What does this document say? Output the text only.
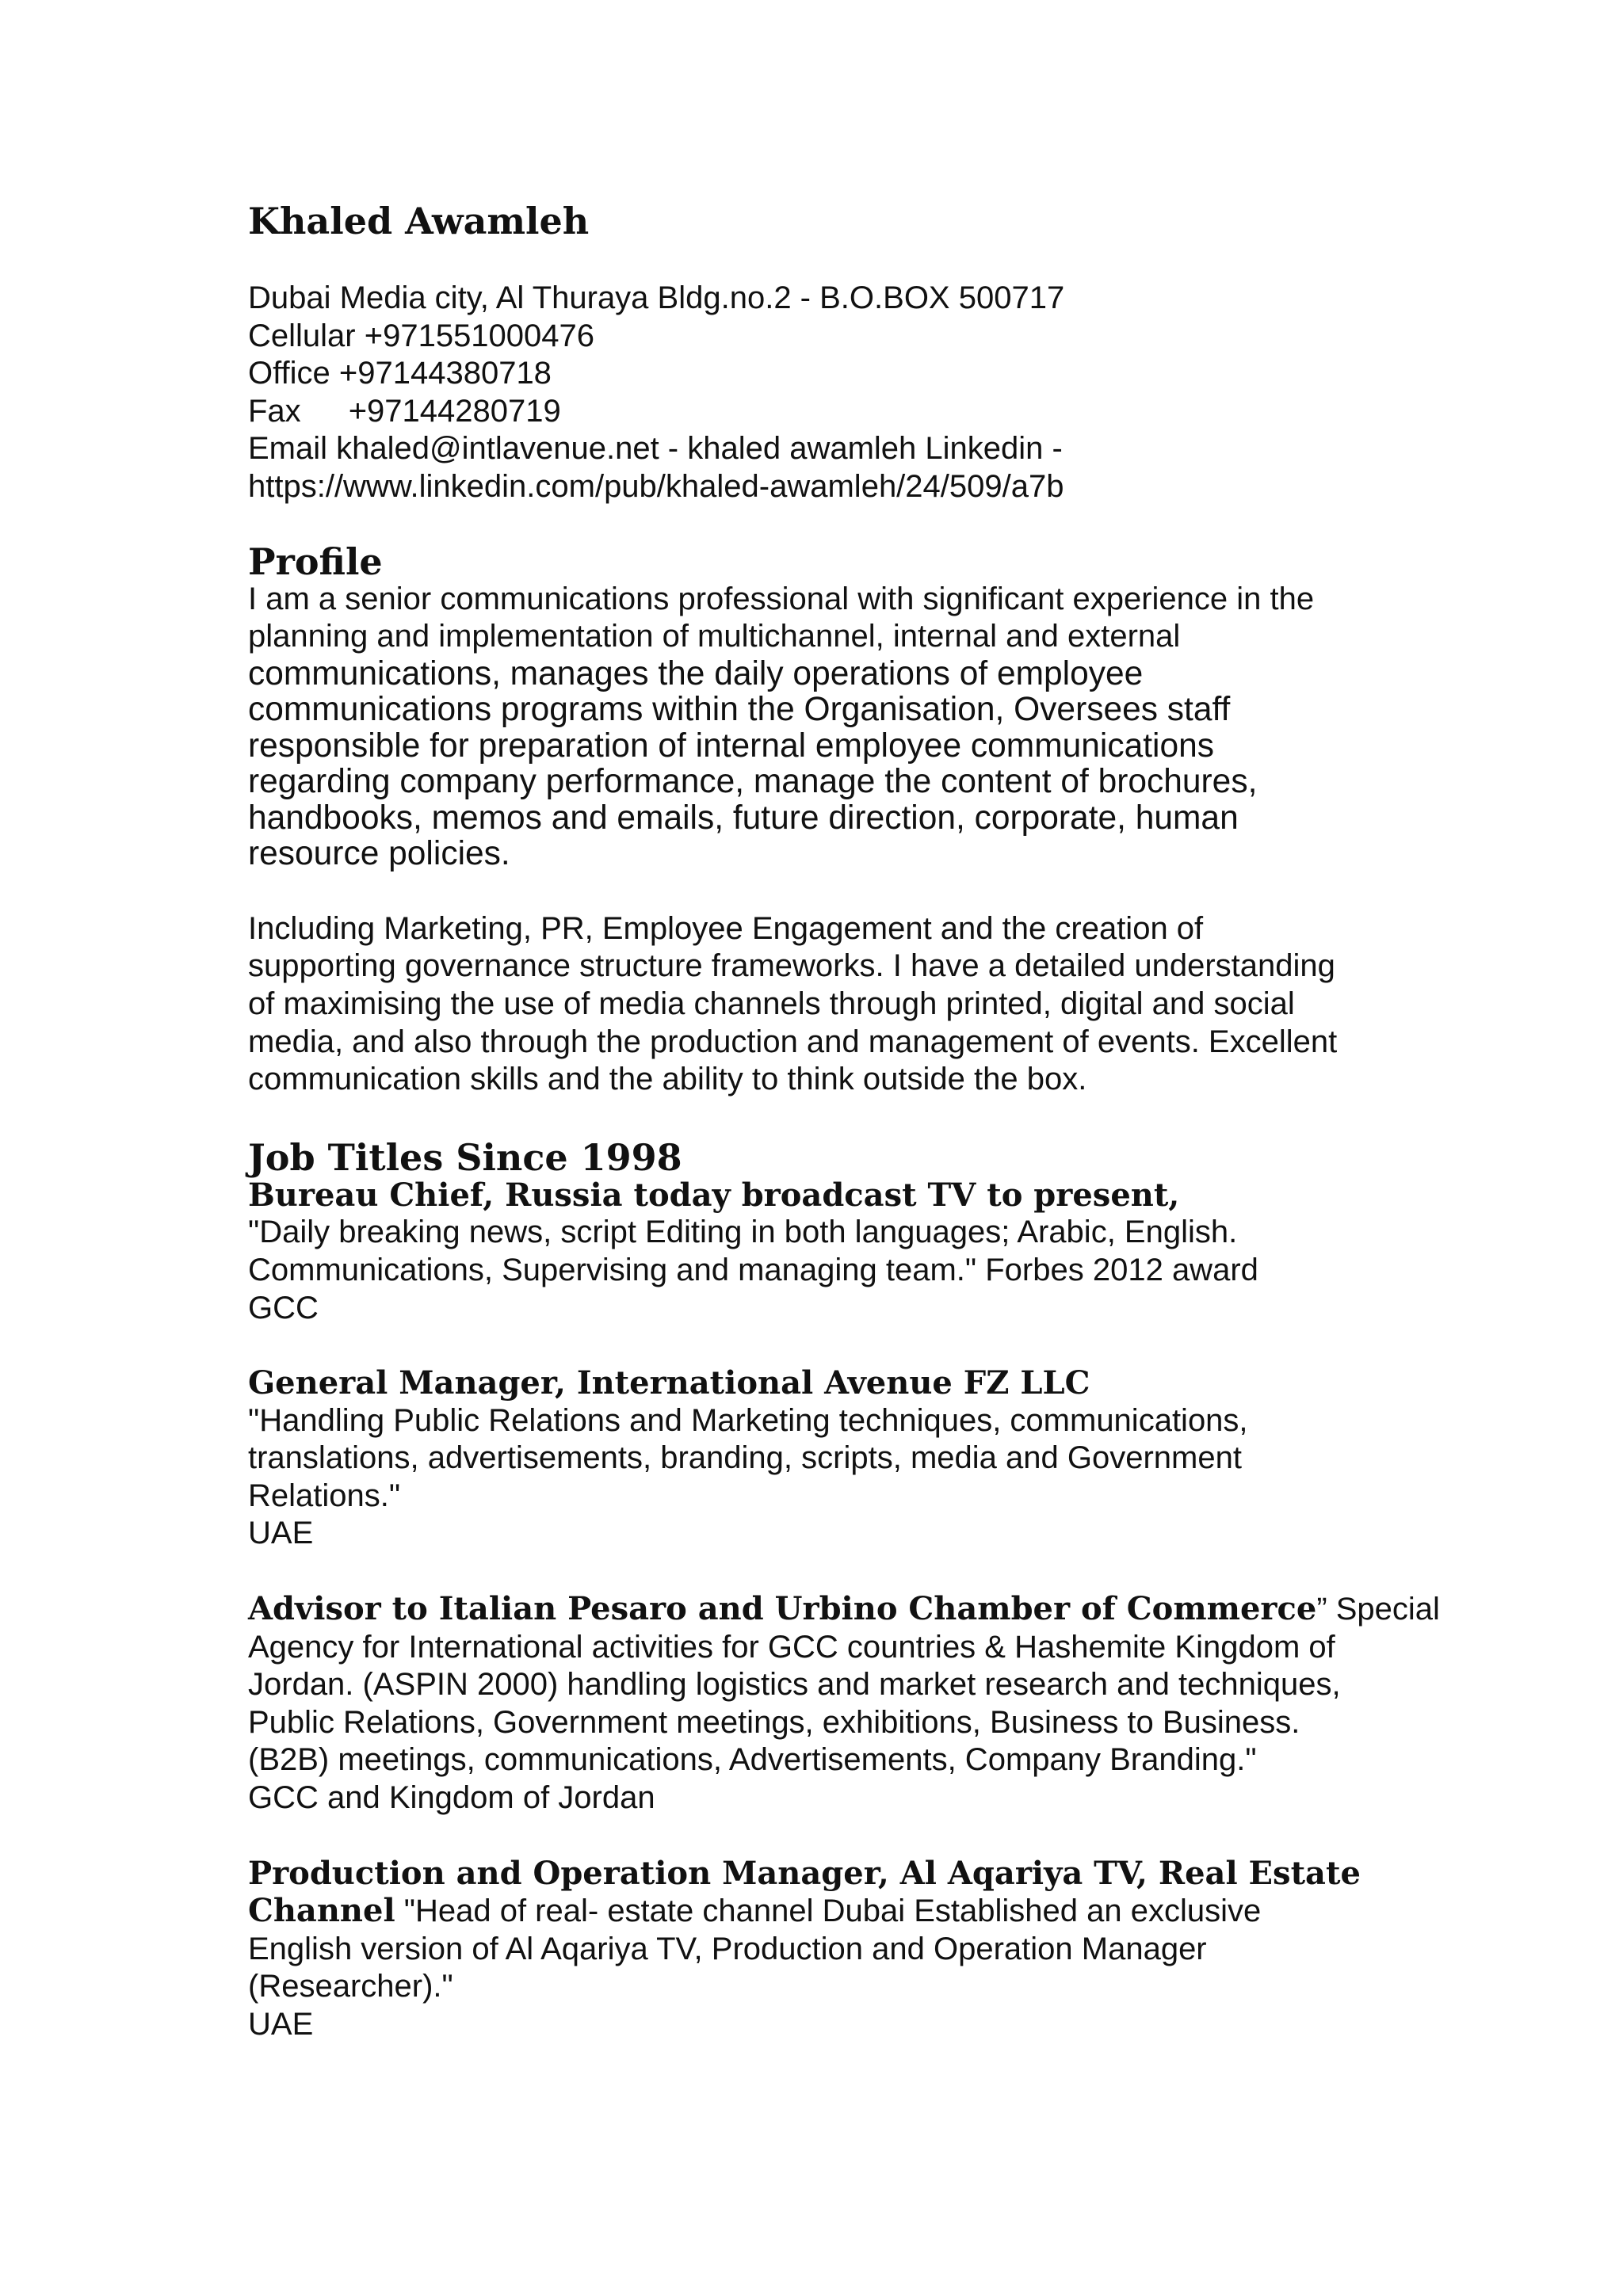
Khaled Awamleh

Dubai Media city, Al Thuraya Bldg.no.2 - B.O.BOX 500717

Cellular +971551000476

Office +97144380718

Fax +97144280719

Email khaled@intlavenue.net - khaled awamleh Linkedin -

https://www.linkedin.com/pub/khaled-awamleh/24/509/a7b

Profile

I am a senior communications professional with significant experience in the

planning and implementation of multichannel, internal and external

communications, manages the daily operations of employee

communications programs within the Organisation, Oversees staff

responsible for preparation of internal employee communications

regarding company performance, manage the content of brochures,

handbooks, memos and emails, future direction, corporate, human

resource policies.

Including Marketing, PR, Employee Engagement and the creation of

supporting governance structure frameworks. I have a detailed understanding

of maximising the use of media channels through printed, digital and social

media, and also through the production and management of events. Excellent

communication skills and the ability to think outside the box.

Job Titles Since 1998

Bureau Chief, Russia today broadcast TV to present,

"Daily breaking news, script Editing in both languages; Arabic, English.

Communications, Supervising and managing team." Forbes 2012 award

GCC

General Manager, International Avenue FZ LLC

"Handling Public Relations and Marketing techniques, communications,

translations, advertisements, branding, scripts, media and Government

Relations."

UAE

Advisor to Italian Pesaro and Urbino Chamber of Commerce” Special

Agency for International activities for GCC countries & Hashemite Kingdom of

Jordan. (ASPIN 2000) handling logistics and market research and techniques,

Public Relations, Government meetings, exhibitions, Business to Business.

(B2B) meetings, communications, Advertisements, Company Branding."

GCC and Kingdom of Jordan

Production and Operation Manager, Al Aqariya TV, Real Estate

Channel "Head of real- estate channel Dubai Established an exclusive

English version of Al Aqariya TV, Production and Operation Manager

(Researcher)."

UAE
